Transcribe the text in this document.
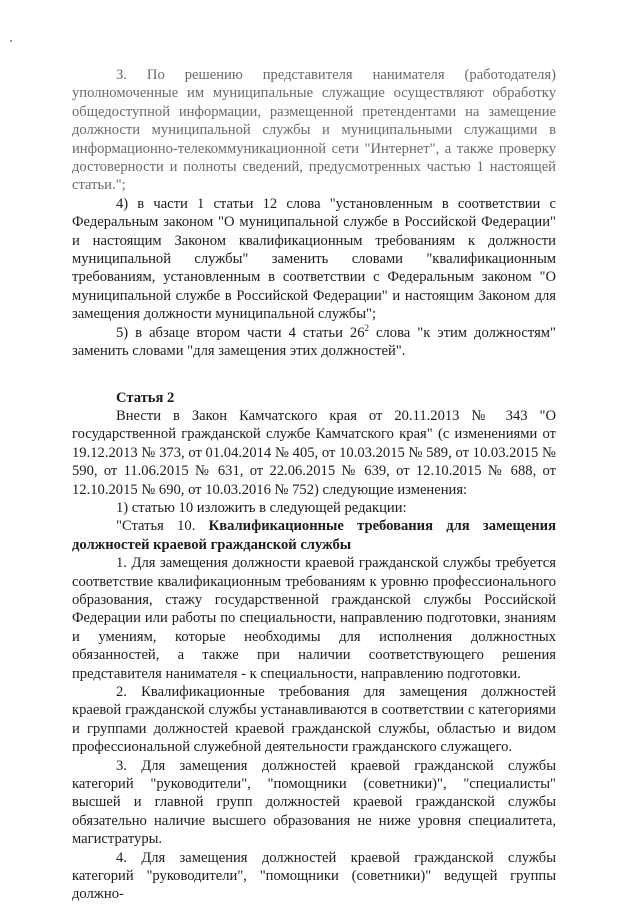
3. По решению представителя нанимателя (работодателя) уполномоченные им муниципальные служащие осуществляют обработку общедоступной информации, размещенной претендентами на замещение должности муниципальной службы и муниципальными служащими в информационно-телекоммуникационной сети "Интернет", а также проверку достоверности и полноты сведений, предусмотренных частью 1 настоящей статьи.";

4) в части 1 статьи 12 слова "установленным в соответствии с Федеральным законом "О муниципальной службе в Российской Федерации" и настоящим Законом квалификационным требованиям к должности муниципальной службы" заменить словами "квалификационным требованиям, установленным в соответствии с Федеральным законом "О муниципальной службе в Российской Федерации" и настоящим Законом для замещения должности муниципальной службы";

5) в абзаце втором части 4 статьи $26^2$ слова "к этим должностям" заменить словами "для замещения этих должностей".

Статья 2

Внести в Закон Камчатского края от 20.11.2013 № 343 "О государственной гражданской службе Камчатского края" (с изменениями от 19.12.2013 № 373, от 01.04.2014 № 405, от 10.03.2015 № 589, от 10.03.2015 № 590, от 11.06.2015 № 631, от 22.06.2015 № 639, от 12.10.2015 № 688, от 12.10.2015 № 690, от 10.03.2016 № 752) следующие изменения:

1) статью 10 изложить в следующей редакции:

"Статья 10. Квалификационные требования для замещения должностей краевой гражданской службы

1. Для замещения должности краевой гражданской службы требуется соответствие квалификационным требованиям к уровню профессионального образования, стажу государственной гражданской службы Российской Федерации или работы по специальности, направлению подготовки, знаниям и умениям, которые необходимы для исполнения должностных обязанностей, а также при наличии соответствующего решения представителя нанимателя - к специальности, направлению подготовки.

2. Квалификационные требования для замещения должностей краевой гражданской службы устанавливаются в соответствии с категориями и группами должностей краевой гражданской службы, областью и видом профессиональной служебной деятельности гражданского служащего.

3. Для замещения должностей краевой гражданской службы категорий "руководители", "помощники (советники)", "специалисты" высшей и главной групп должностей краевой гражданской службы обязательно наличие высшего образования не ниже уровня специалитета, магистратуры.

4. Для замещения должностей краевой гражданской службы категорий "руководители", "помощники (советники)" ведущей группы должно-
